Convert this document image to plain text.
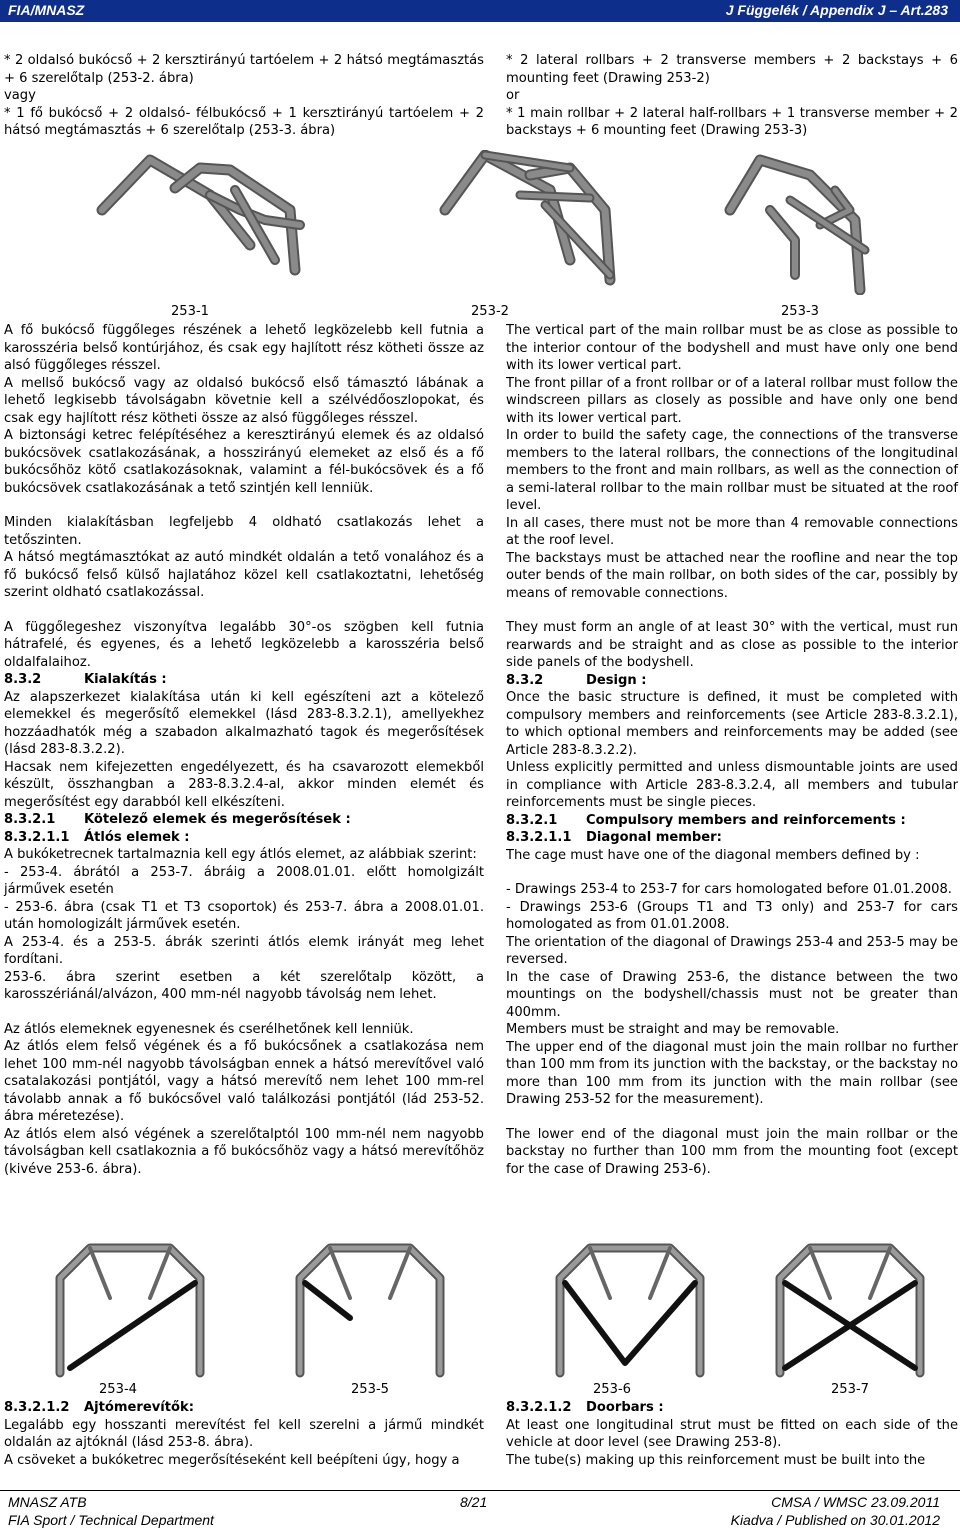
FIA/MNASZ	J Függelék / Appendix J – Art.283

* 2 oldalsó bukócső + 2 kersztirányú tartóelem + 2 hátsó megtámasztás + 6 szerelőtalp (253-2. ábra)

vagy

* 1 fő bukócső + 2 oldalsó- félbukócső + 1 kersztirányú tartóelem + 2 hátsó megtámasztás + 6 szerelőtalp (253-3. ábra)

* 2 lateral rollbars + 2 transverse members + 2 backstays + 6 mounting feet (Drawing 253-2)

or

* 1 main rollbar + 2 lateral half-rollbars + 1 transverse member + 2 backstays + 6 mounting feet (Drawing 253-3)

253-1	253-2	253-3

A fő bukócső függőleges részének a lehető legközelebb kell futnia a karosszéria belső kontúrjához, és csak egy hajlított rész kötheti össze az alsó függőleges résszel.

A mellső bukócső vagy az oldalsó bukócső első támasztó lábának a lehető legkisebb távolságabn követnie kell a szélvédőoszlopokat, és csak egy hajlított rész kötheti össze az alsó függőleges résszel.

A biztonsági ketrec felépítéséhez a keresztirányú elemek és az oldalsó bukócsövek csatlakozásának, a hosszirányú elemeket az első és a fő bukócsőhöz kötő csatlakozásoknak, valamint a fél-bukócsövek és a fő bukócsövek csatlakozásának a tető szintjén kell lenniük.

Minden kialakításban legfeljebb 4 oldható csatlakozás lehet a tetőszinten.

A hátsó megtámasztókat az autó mindkét oldalán a tető vonalához és a fő bukócső felső külső hajlatához közel kell csatlakoztatni, lehetőség szerint oldható csatlakozással.

A függőlegeshez viszonyítva legalább 30°-os szögben kell futnia hátrafelé, és egyenes, és a lehető legközelebb a karosszéria belső oldalfalaihoz.

8.3.2	Kialakítás :

Az alapszerkezet kialakítása után ki kell egészíteni azt a kötelező elemekkel és megerősítő elemekkel (lásd 283-8.3.2.1), amellyekhez hozzáadhatók még a szabadon alkalmazható tagok és megerősítések (lásd 283-8.3.2.2).

Hacsak nem kifejezetten engedélyezett, és ha csavarozott elemekből készült, összhangban a 283-8.3.2.4-al, akkor minden elemét és megerősítést egy darabból kell elkészíteni.

8.3.2.1 Kötelező elemek és megerősítések :

8.3.2.1.1 Átlós elemek :

A bukóketrecnek tartalmaznia kell egy átlós elemet, az alábbiak szerint:

- 253-4. ábrától a 253-7. ábráig a 2008.01.01. előtt homolgizált járművek esetén

- 253-6. ábra (csak T1 et T3 csoportok) és 253-7. ábra a 2008.01.01. után homologizált járművek esetén.

A 253-4. és a 253-5. ábrák szerinti átlós elemk irányát meg lehet fordítani.

253-6. ábra szerint esetben a két szerelőtalp között, a karosszériánál/alvázon, 400 mm-nél nagyobb távolság nem lehet.

Az átlós elemeknek egyenesnek és cserélhetőnek kell lenniük.

Az átlós elem felső végének és a fő bukócsőnek a csatlakozása nem lehet 100 mm-nél nagyobb távolságban ennek a hátsó merevítővel való csatalakozási pontjától, vagy a hátsó merevítő nem lehet 100 mm-rel távolabb annak a fő bukócsővel való találkozási pontjától (lád 253-52. ábra méretezése).

Az átlós elem alsó végének a szerelőtalptól 100 mm-nél nem nagyobb távolságban kell csatlakoznia a fő bukócsőhöz vagy a hátsó merevítőhöz (kivéve 253-6. ábra).

The vertical part of the main rollbar must be as close as possible to the interior contour of the bodyshell and must have only one bend with its lower vertical part.

The front pillar of a front rollbar or of a lateral rollbar must follow the windscreen pillars as closely as possible and have only one bend with its lower vertical part.

In order to build the safety cage, the connections of the transverse members to the lateral rollbars, the connections of the longitudinal members to the front and main rollbars, as well as the connection of a semi-lateral rollbar to the main rollbar must be situated at the roof level.

In all cases, there must not be more than 4 removable connections at the roof level.

The backstays must be attached near the roofline and near the top outer bends of the main rollbar, on both sides of the car, possibly by means of removable connections.

They must form an angle of at least 30° with the vertical, must run rearwards and be straight and as close as possible to the interior side panels of the bodyshell.

8.3.2	Design :

Once the basic structure is defined, it must be completed with compulsory members and reinforcements (see Article 283-8.3.2.1), to which optional members and reinforcements may be added (see Article 283-8.3.2.2).

Unless explicitly permitted and unless dismountable joints are used in compliance with Article 283-8.3.2.4, all members and tubular reinforcements must be single pieces.

8.3.2.1 Compulsory members and reinforcements :

8.3.2.1.1 Diagonal member:

The cage must have one of the diagonal members defined by :

- Drawings 253-4 to 253-7 for cars homologated before 01.01.2008.

- Drawings 253-6 (Groups T1 and T3 only) and 253-7 for cars homologated as from 01.01.2008.

The orientation of the diagonal of Drawings 253-4 and 253-5 may be reversed.

In the case of Drawing 253-6, the distance between the two mountings on the bodyshell/chassis must not be greater than 400mm.

Members must be straight and may be removable.

The upper end of the diagonal must join the main rollbar no further than 100 mm from its junction with the backstay, or the backstay no more than 100 mm from its junction with the main rollbar (see Drawing 253-52 for the measurement).

The lower end of the diagonal must join the main rollbar or the backstay no further than 100 mm from the mounting foot (except for the case of Drawing 253-6).

253-4	253-5	253-6	253-7

8.3.2.1.2 Ajtómerevítők:

Legalább egy hosszanti merevítést fel kell szerelni a jármű mindkét oldalán az ajtóknál (lásd 253-8. ábra).

A csöveket a bukóketrec megerősítéseként kell beépíteni úgy, hogy a

8.3.2.1.2 Doorbars :

At least one longitudinal strut must be fitted on each side of the vehicle at door level (see Drawing 253-8).

The tube(s) making up this reinforcement must be built into the

MNASZ ATB	8/21	CMSA / WMSC 23.09.2011
FIA Sport / Technical Department	Kiadva / Published on 30.01.2012
